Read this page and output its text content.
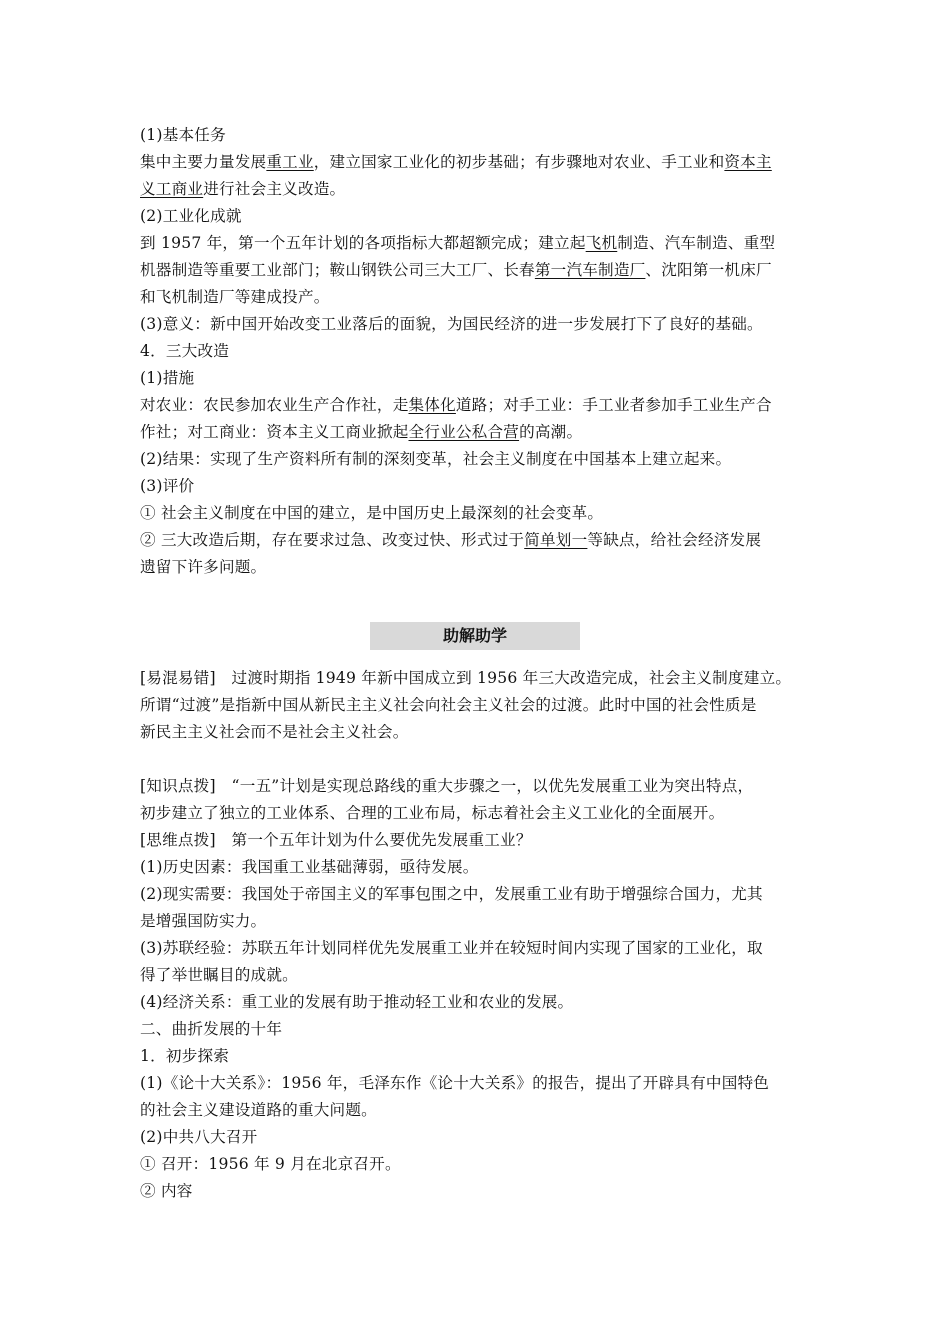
(1)基本任务
集中主要力量发展重工业，建立国家工业化的初步基础；有步骤地对农业、手工业和资本主
义工商业进行社会主义改造。
(2)工业化成就
到 1957 年，第一个五年计划的各项指标大都超额完成；建立起飞机制造、汽车制造、重型
机器制造等重要工业部门；鞍山钢铁公司三大工厂、长春第一汽车制造厂、沈阳第一机床厂
和飞机制造厂等建成投产。
(3)意义：新中国开始改变工业落后的面貌，为国民经济的进一步发展打下了良好的基础。
4．三大改造
(1)措施
对农业：农民参加农业生产合作社，走集体化道路；对手工业：手工业者参加手工业生产合
作社；对工商业：资本主义工商业掀起全行业公私合营的高潮。
(2)结果：实现了生产资料所有制的深刻变革，社会主义制度在中国基本上建立起来。
(3)评价
① 社会主义制度在中国的建立，是中国历史上最深刻的社会变革。
② 三大改造后期，存在要求过急、改变过快、形式过于简单划一等缺点，给社会经济发展
遗留下许多问题。
[易混易错]　过渡时期指 1949 年新中国成立到 1956 年三大改造完成，社会主义制度建立。
所谓“过渡”是指新中国从新民主主义社会向社会主义社会的过渡。此时中国的社会性质是
新民主主义社会而不是社会主义社会。
[知识点拨]　“一五”计划是实现总路线的重大步骤之一，以优先发展重工业为突出特点，
初步建立了独立的工业体系、合理的工业布局，标志着社会主义工业化的全面展开。
[思维点拨]　第一个五年计划为什么要优先发展重工业？
(1)历史因素：我国重工业基础薄弱，亟待发展。
(2)现实需要：我国处于帝国主义的军事包围之中，发展重工业有助于增强综合国力，尤其
是增强国防实力。
(3)苏联经验：苏联五年计划同样优先发展重工业并在较短时间内实现了国家的工业化，取
得了举世瞩目的成就。
(4)经济关系：重工业的发展有助于推动轻工业和农业的发展。
二、曲折发展的十年
1．初步探索
(1)《论十大关系》：1956 年，毛泽东作《论十大关系》的报告，提出了开辟具有中国特色
的社会主义建设道路的重大问题。
(2)中共八大召开
① 召开：1956 年 9 月在北京召开。
② 内容
助解助学
